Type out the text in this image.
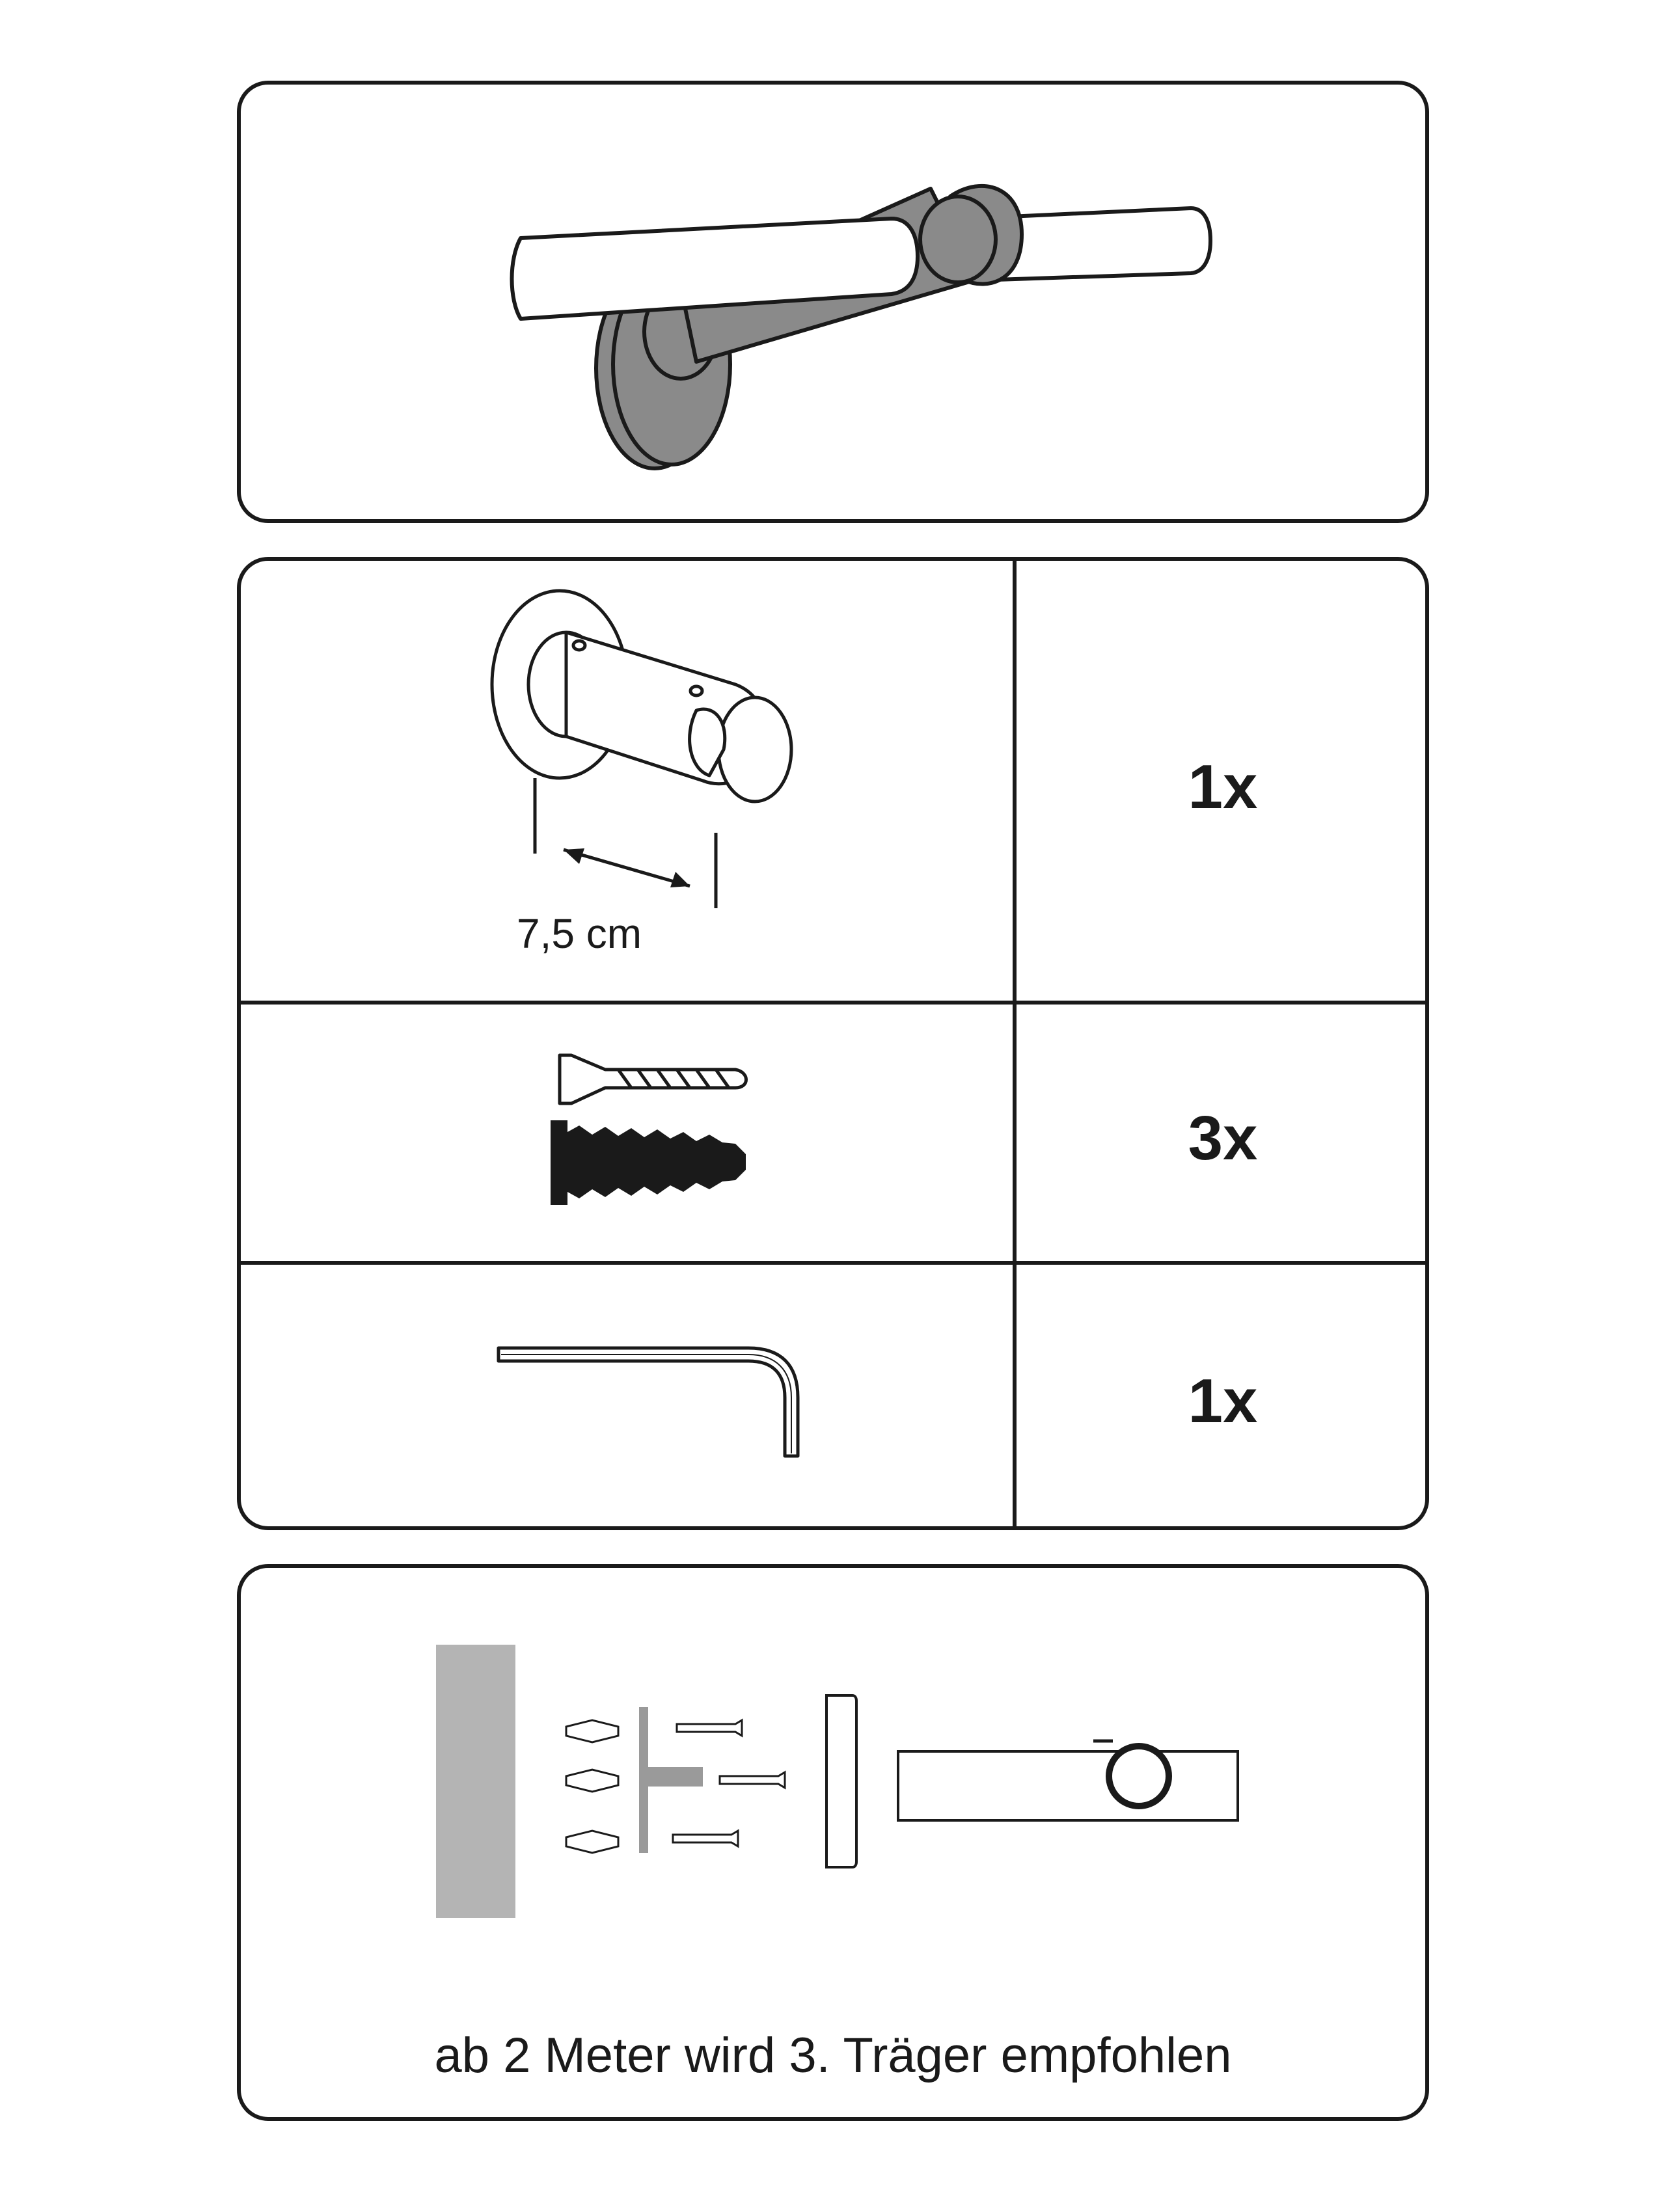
7,5 cm
1x
3x
1x
ab 2 Meter wird 3. Träger empfohlen
